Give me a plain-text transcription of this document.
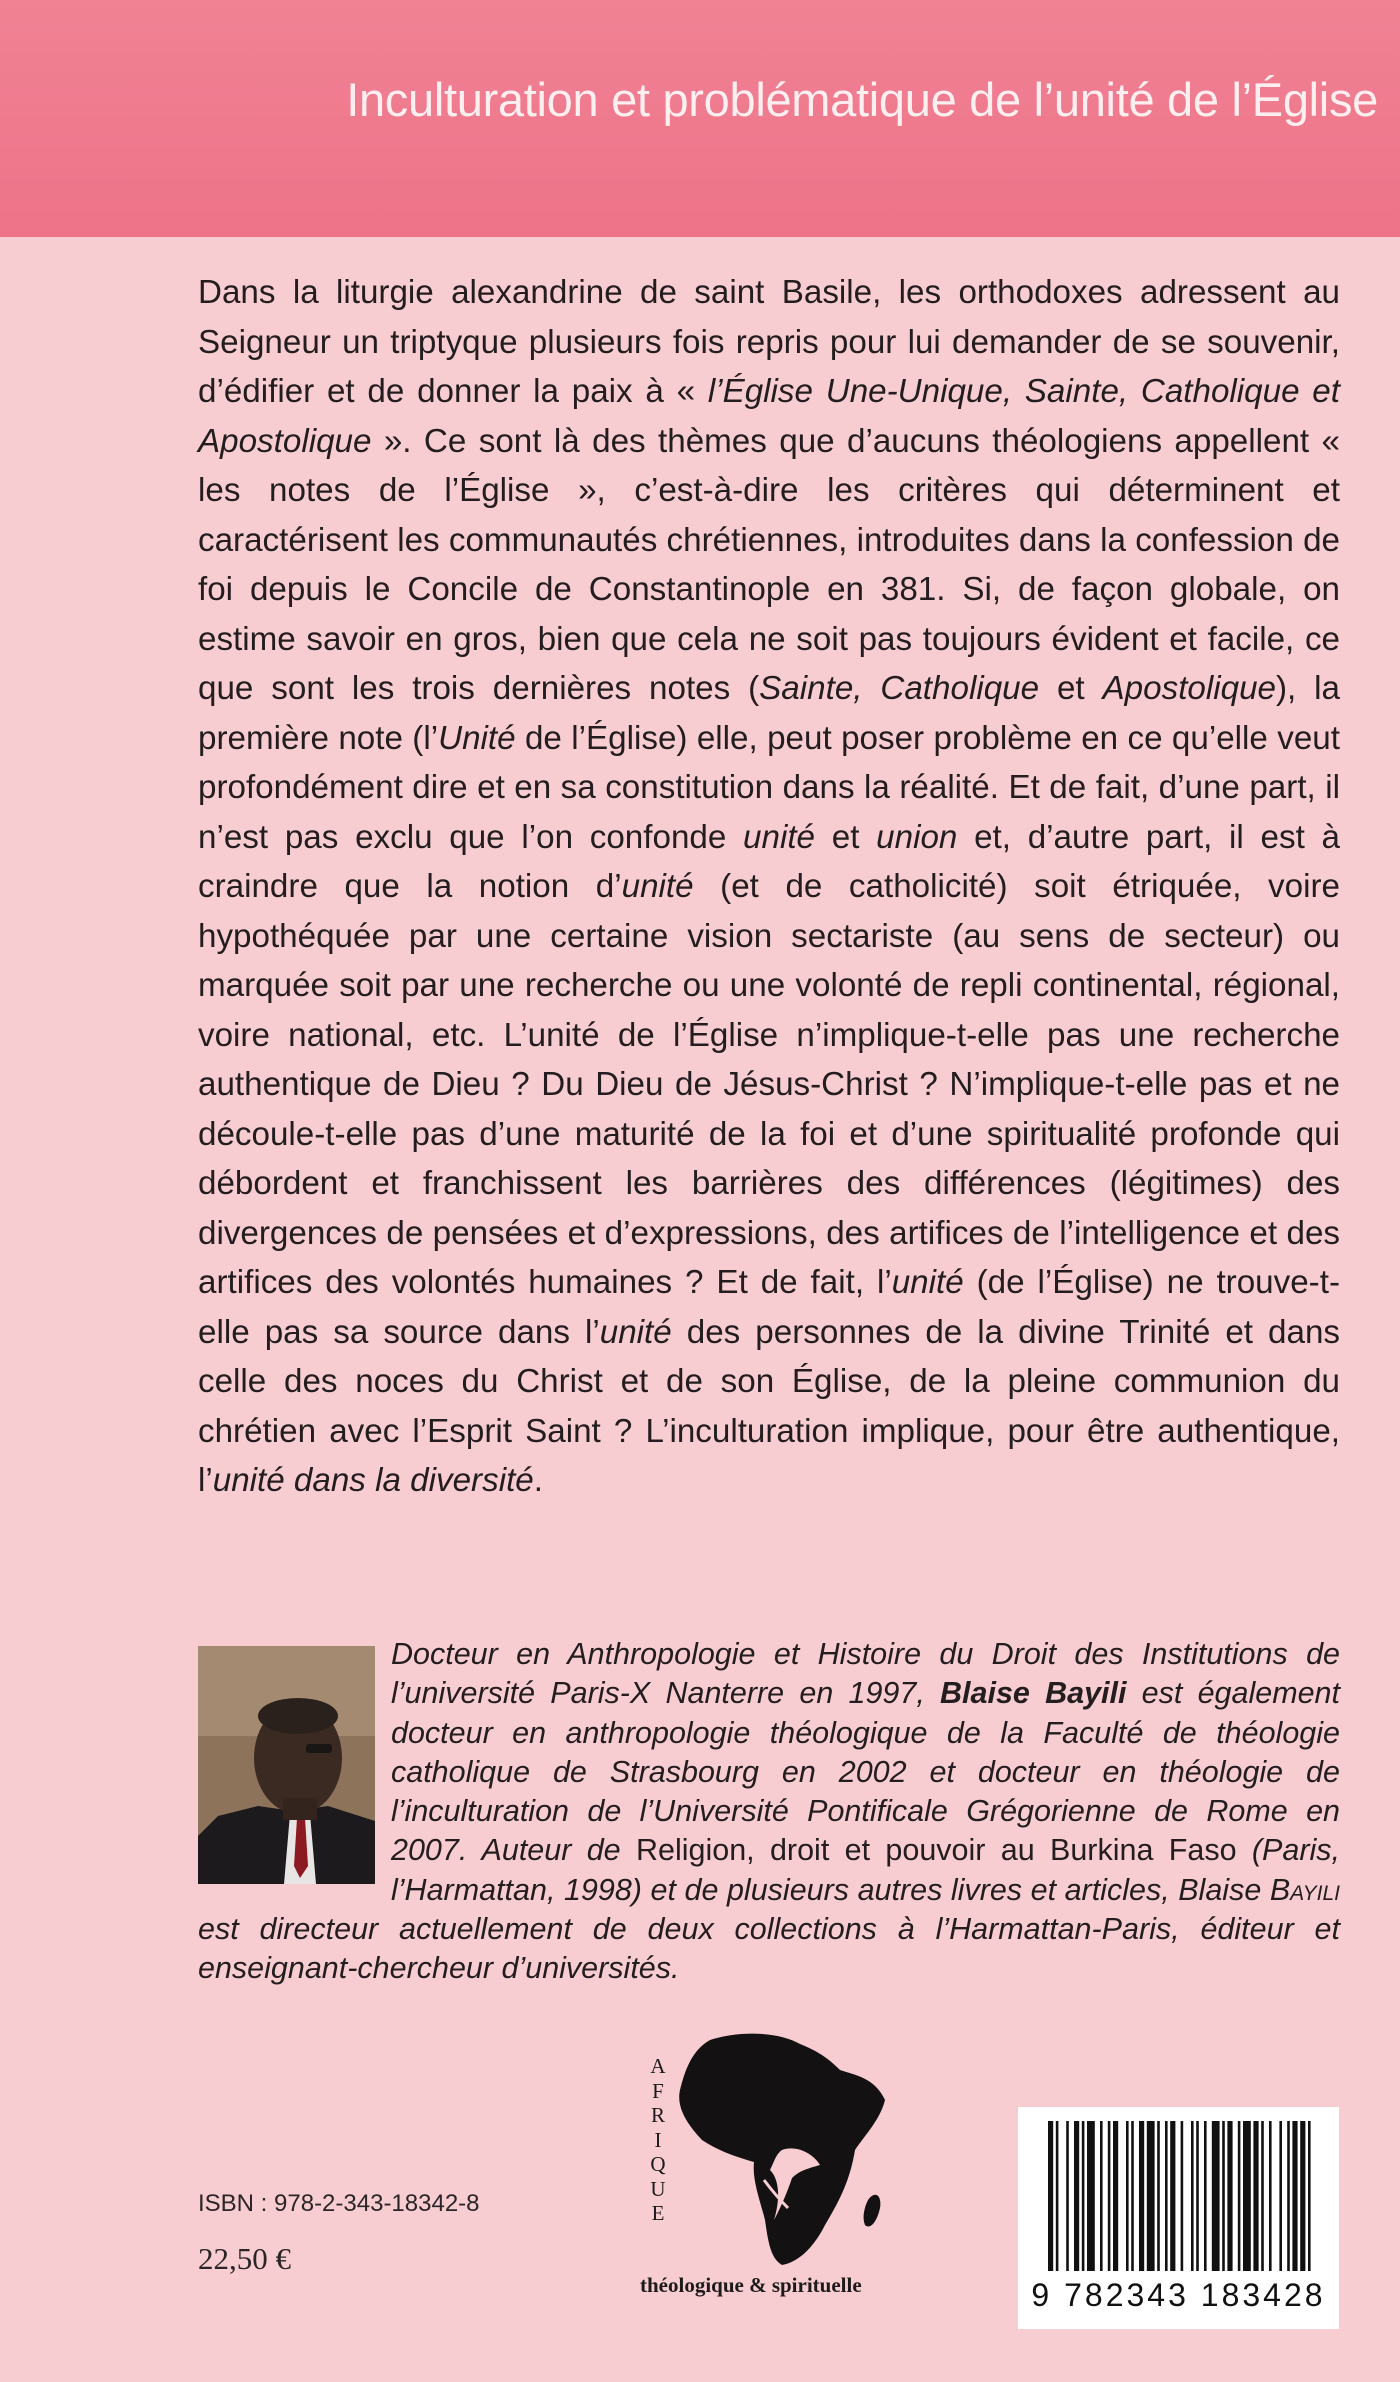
Inculturation et problématique de l’unité de l’Église

Dans la liturgie alexandrine de saint Basile, les orthodoxes adressent au Seigneur un triptyque plusieurs fois repris pour lui demander de se souvenir, d’édifier et de donner la paix à « l’Église Une-Unique, Sainte, Catholique et Apostolique ». Ce sont là des thèmes que d’aucuns théologiens appellent « les notes de l’Église », c’est-à-dire les critères qui déterminent et caractérisent les communautés chrétiennes, introduites dans la confession de foi depuis le Concile de Constantinople en 381. Si, de façon globale, on estime savoir en gros, bien que cela ne soit pas toujours évident et facile, ce que sont les trois dernières notes (Sainte, Catholique et Apostolique), la première note (l’Unité de l’Église) elle, peut poser problème en ce qu’elle veut profondément dire et en sa constitution dans la réalité. Et de fait, d’une part, il n’est pas exclu que l’on confonde unité et union et, d’autre part, il est à craindre que la notion d’unité (et de catholicité) soit étriquée, voire hypothéquée par une certaine vision sectariste (au sens de secteur) ou marquée soit par une recherche ou une volonté de repli continental, régional, voire national, etc. L’unité de l’Église n’implique-t-elle pas une recherche authentique de Dieu ? Du Dieu de Jésus-Christ ? N’implique-t-elle pas et ne découle-t-elle pas d’une maturité de la foi et d’une spiritualité profonde qui débordent et franchissent les barrières des différences (légitimes) des divergences de pensées et d’expressions, des artifices de l’intelligence et des artifices des volontés humaines ? Et de fait, l’unité (de l’Église) ne trouve-t-elle pas sa source dans l’unité des personnes de la divine Trinité et dans celle des noces du Christ et de son Église, de la pleine communion du chrétien avec l’Esprit Saint ? L’inculturation implique, pour être authentique, l’unité dans la diversité.

Docteur en Anthropologie et Histoire du Droit des Institutions de l’université Paris-X Nanterre en 1997, Blaise Bayili est également docteur en anthropologie théologique de la Faculté de théologie catholique de Strasbourg en 2002 et docteur en théologie de l’inculturation de l’Université Pontificale Grégorienne de Rome en 2007. Auteur de Religion, droit et pouvoir au Burkina Faso (Paris, l’Harmattan, 1998) et de plusieurs autres livres et articles, Blaise Bayili est directeur actuellement de deux collections à l’Harmattan-Paris, éditeur et enseignant-chercheur d’universités.

A
F
R
I
Q
U
E
théologique & spirituelle
ISBN : 978-2-343-18342-8
22,50 €
9 782343 183428
